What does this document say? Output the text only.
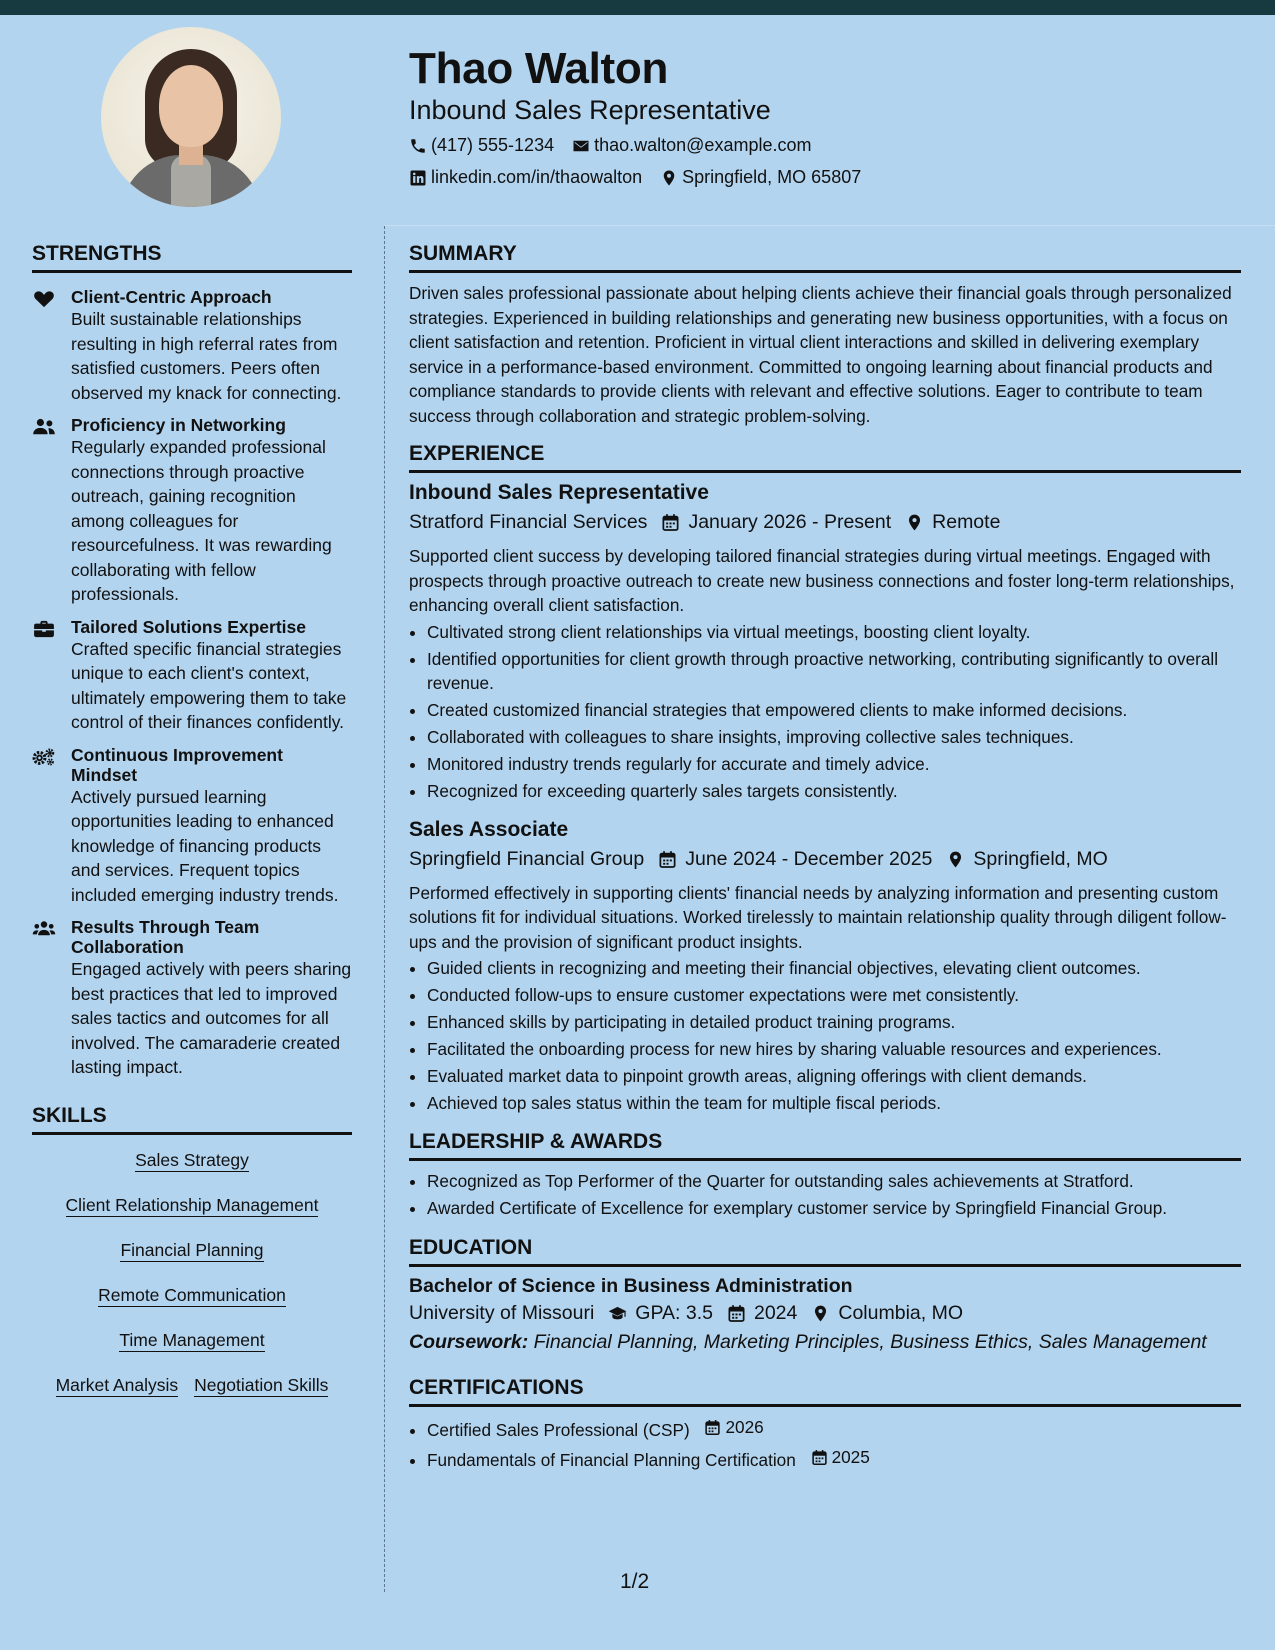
Thao Walton
Inbound Sales Representative
(417) 555-1234 thao.walton@example.com
linkedin.com/in/thaowalton Springfield, MO 65807
STRENGTHS
Client-Centric Approach
Built sustainable relationships resulting in high referral rates from satisfied customers. Peers often observed my knack for connecting.
Proficiency in Networking
Regularly expanded professional connections through proactive outreach, gaining recognition among colleagues for resourcefulness. It was rewarding collaborating with fellow professionals.
Tailored Solutions Expertise
Crafted specific financial strategies unique to each client's context, ultimately empowering them to take control of their finances confidently.
Continuous Improvement Mindset
Actively pursued learning opportunities leading to enhanced knowledge of financing products and services. Frequent topics included emerging industry trends.
Results Through Team Collaboration
Engaged actively with peers sharing best practices that led to improved sales tactics and outcomes for all involved. The camaraderie created lasting impact.
SKILLS
Sales Strategy
Client Relationship Management
Financial Planning
Remote Communication
Time Management
Market Analysis Negotiation Skills
SUMMARY

Driven sales professional passionate about helping clients achieve their financial goals through personalized strategies. Experienced in building relationships and generating new business opportunities, with a focus on client satisfaction and retention. Proficient in virtual client interactions and skilled in delivering exemplary service in a performance-based environment. Committed to ongoing learning about financial products and compliance standards to provide clients with relevant and effective solutions. Eager to contribute to team success through collaboration and strategic problem-solving.

EXPERIENCE
Inbound Sales Representative
Stratford Financial Services January 2026 - Present Remote

Supported client success by developing tailored financial strategies during virtual meetings. Engaged with prospects through proactive outreach to create new business connections and foster long-term relationships, enhancing overall client satisfaction.

• Cultivated strong client relationships via virtual meetings, boosting client loyalty.
• Identified opportunities for client growth through proactive networking, contributing significantly to overall revenue.
• Created customized financial strategies that empowered clients to make informed decisions.
• Collaborated with colleagues to share insights, improving collective sales techniques.
• Monitored industry trends regularly for accurate and timely advice.
• Recognized for exceeding quarterly sales targets consistently.
Sales Associate
Springfield Financial Group June 2024 - December 2025 Springfield, MO

Performed effectively in supporting clients' financial needs by analyzing information and presenting custom solutions fit for individual situations. Worked tirelessly to maintain relationship quality through diligent follow-ups and the provision of significant product insights.

• Guided clients in recognizing and meeting their financial objectives, elevating client outcomes.
• Conducted follow-ups to ensure customer expectations were met consistently.
• Enhanced skills by participating in detailed product training programs.
• Facilitated the onboarding process for new hires by sharing valuable resources and experiences.
• Evaluated market data to pinpoint growth areas, aligning offerings with client demands.
• Achieved top sales status within the team for multiple fiscal periods.
LEADERSHIP & AWARDS
• Recognized as Top Performer of the Quarter for outstanding sales achievements at Stratford.
• Awarded Certificate of Excellence for exemplary customer service by Springfield Financial Group.
EDUCATION
Bachelor of Science in Business Administration
University of Missouri GPA: 3.5 2024 Columbia, MO
Coursework: Financial Planning, Marketing Principles, Business Ethics, Sales Management
CERTIFICATIONS
• Certified Sales Professional (CSP) 2026
• Fundamentals of Financial Planning Certification 2025
1/2
